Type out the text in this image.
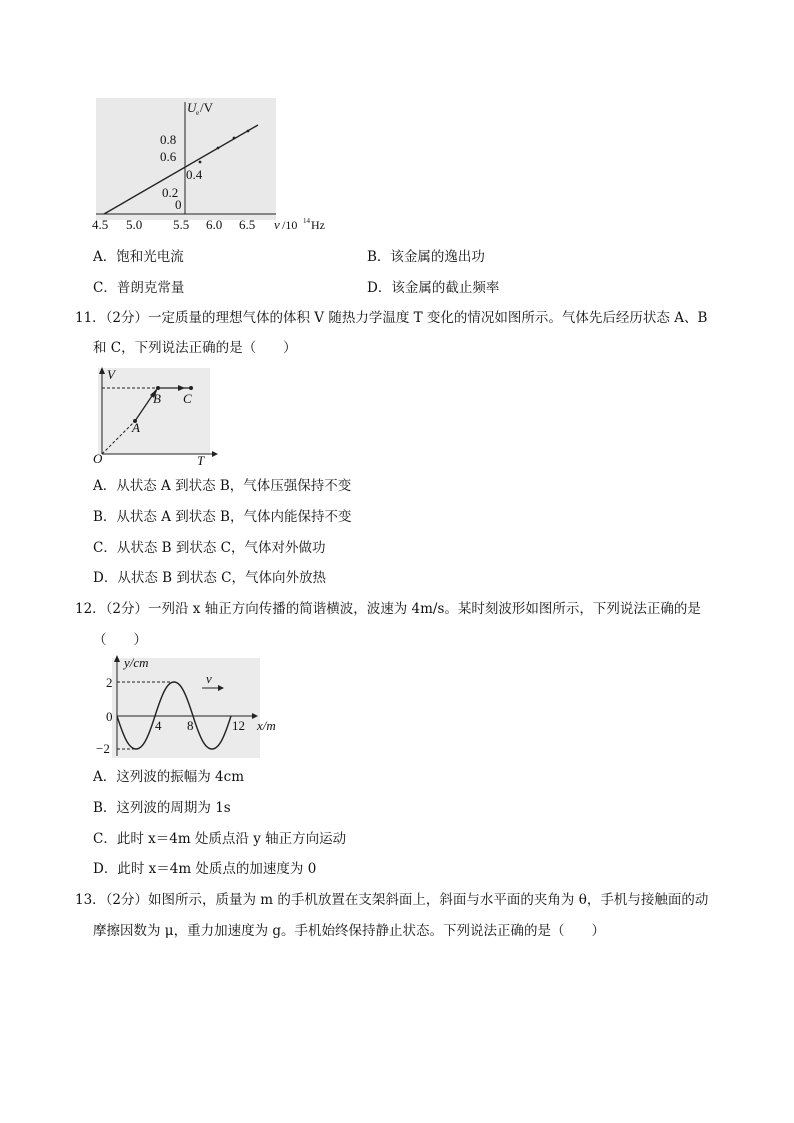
U e /V
0.8
0.6
0.4
0.2
0
4.5 5.0 5.5 6.0 6.5 ν /10 14 Hz
A．饱和光电流	B．该金属的逸出功
C．普朗克常量	D．该金属的截止频率
11．（2分）一定质量的理想气体的体积 V 随热力学温度 T 变化的情况如图所示。气体先后经历状态 A、B
和 C，下列说法正确的是（　　）
V
T
O
A
B C
A．从状态 A 到状态 B，气体压强保持不变
B．从状态 A 到状态 B，气体内能保持不变
C．从状态 B 到状态 C，气体对外做功
D．从状态 B 到状态 C，气体向外放热
12．（2分）一列沿 x 轴正方向传播的简谐横波，波速为 4m/s。某时刻波形如图所示，下列说法正确的是
（　　）
v
y/cm
2
0
−2
4 8	12 x/m
A．这列波的振幅为 4cm
B．这列波的周期为 1s
C．此时 x＝4m 处质点沿 y 轴正方向运动
D．此时 x＝4m 处质点的加速度为 0
13．（2分）如图所示，质量为 m 的手机放置在支架斜面上，斜面与水平面的夹角为 θ，手机与接触面的动
摩擦因数为 μ，重力加速度为 g。手机始终保持静止状态。下列说法正确的是（　　）
